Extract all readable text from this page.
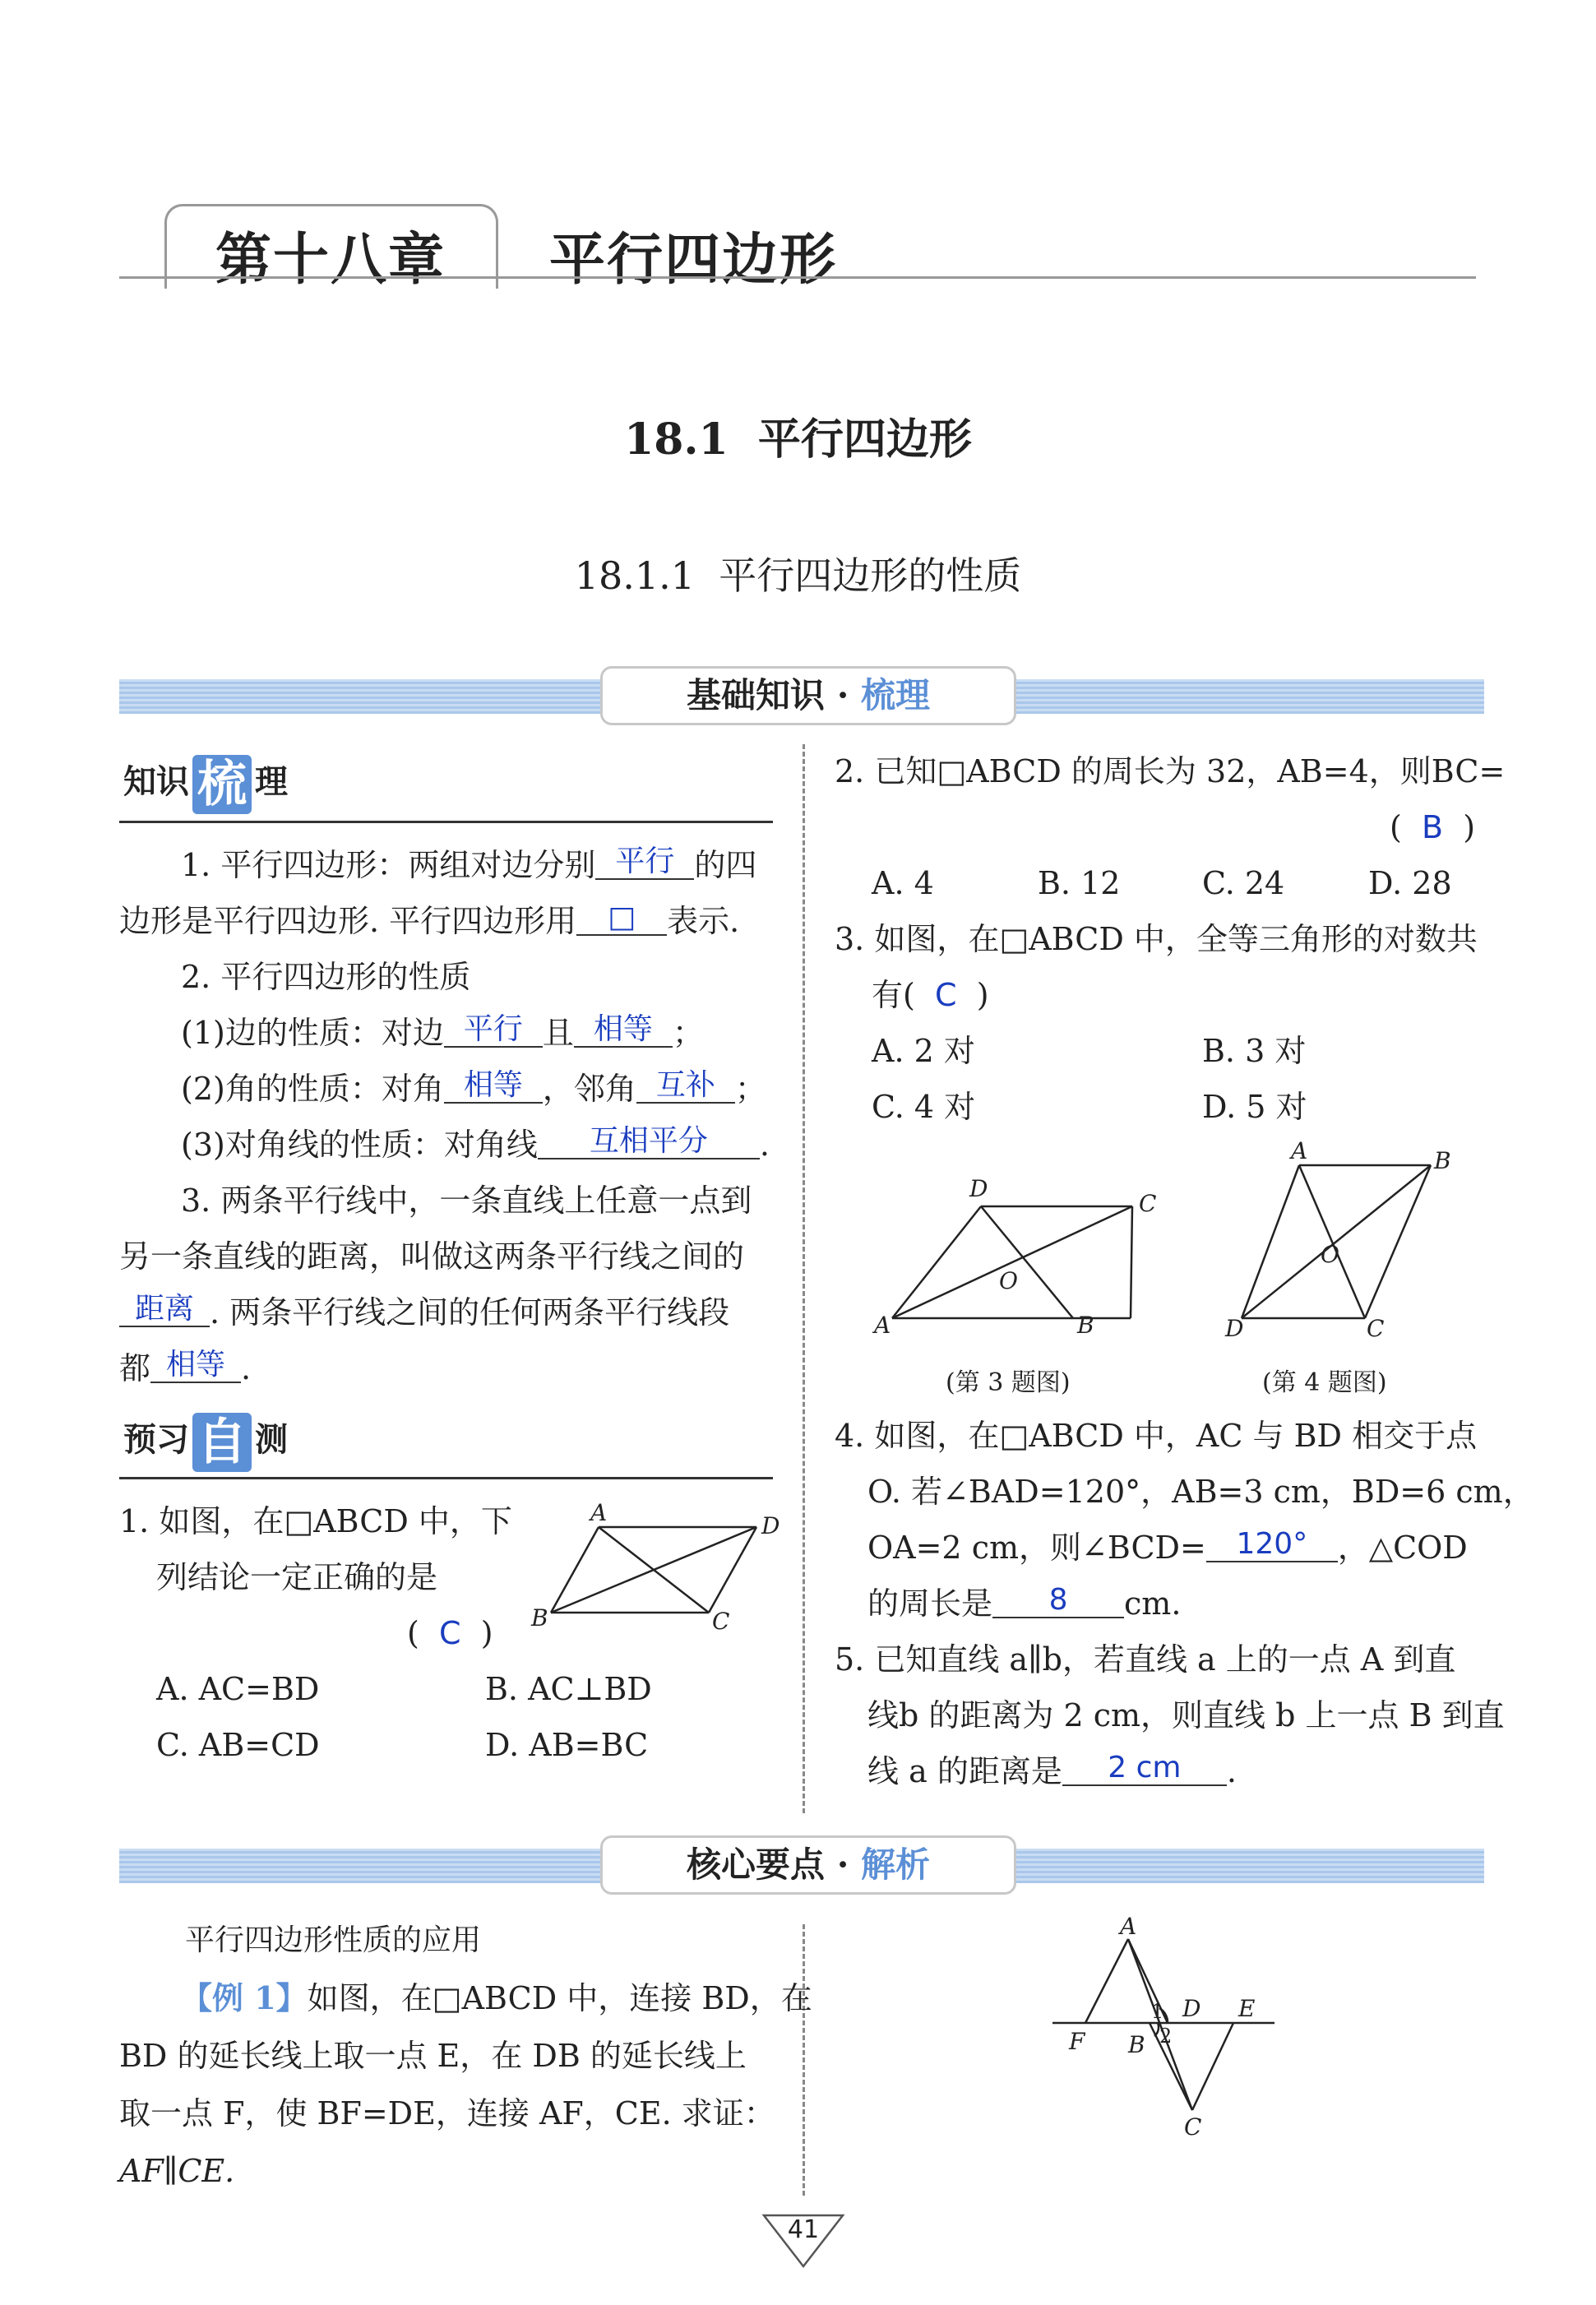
第十八章 平行四边形
18.1  平行四边形
18.1.1  平行四边形的性质
基础知识 · 梳理
知识 梳 理
1. 平行四边形：两组对边分别 平行 的四
边形是平行四边形. 平行四边形用 □ 表示.
2. 平行四边形的性质
(1)边的性质：对边 平行 且 相等 ；
(2)角的性质：对角 相等 ，邻角 互补 ；
(3)对角线的性质：对角线 互相平分 .
3. 两条平行线中，一条直线上任意一点到
另一条直线的距离，叫做这两条平行线之间的
距离 . 两条平行线之间的任何两条平行线段
都 相等 .
预习 自 测
1. 如图，在□ABCD 中，下
列结论一定正确的是
(  C  )
A	D
B	C
A. AC=BD	B. AC⊥BD
C. AB=CD	D. AB=BC
2. 已知□ABCD 的周长为 32，AB=4，则BC=
(  B  )
A. 4	B. 12	C. 24	D. 28
3. 如图，在□ABCD 中，全等三角形的对数共
有( C )
A. 2 对	B. 3 对
C. 4 对	D. 5 对
A	B
C
D
O
(第 3 题图)
A	B
D	C
O
(第 4 题图)
4. 如图，在□ABCD 中，AC 与 BD 相交于点
O. 若∠BAD=120°，AB=3 cm，BD=6 cm，
OA=2 cm，则∠BCD= 120° ，△COD
的周长是 8 cm.
5. 已知直线 a∥b，若直线 a 上的一点 A 到直
线b 的距离为 2 cm，则直线 b 上一点 B 到直
线 a 的距离是 2 cm .
核心要点 · 解析
平行四边形性质的应用
【例 1】如图，在□ABCD 中，连接 BD，在
BD 的延长线上取一点 E，在 DB 的延长线上
取一点 F，使 BF=DE，连接 AF，CE. 求证：
AF∥CE.
A
F B
D E
C
1
2
41
